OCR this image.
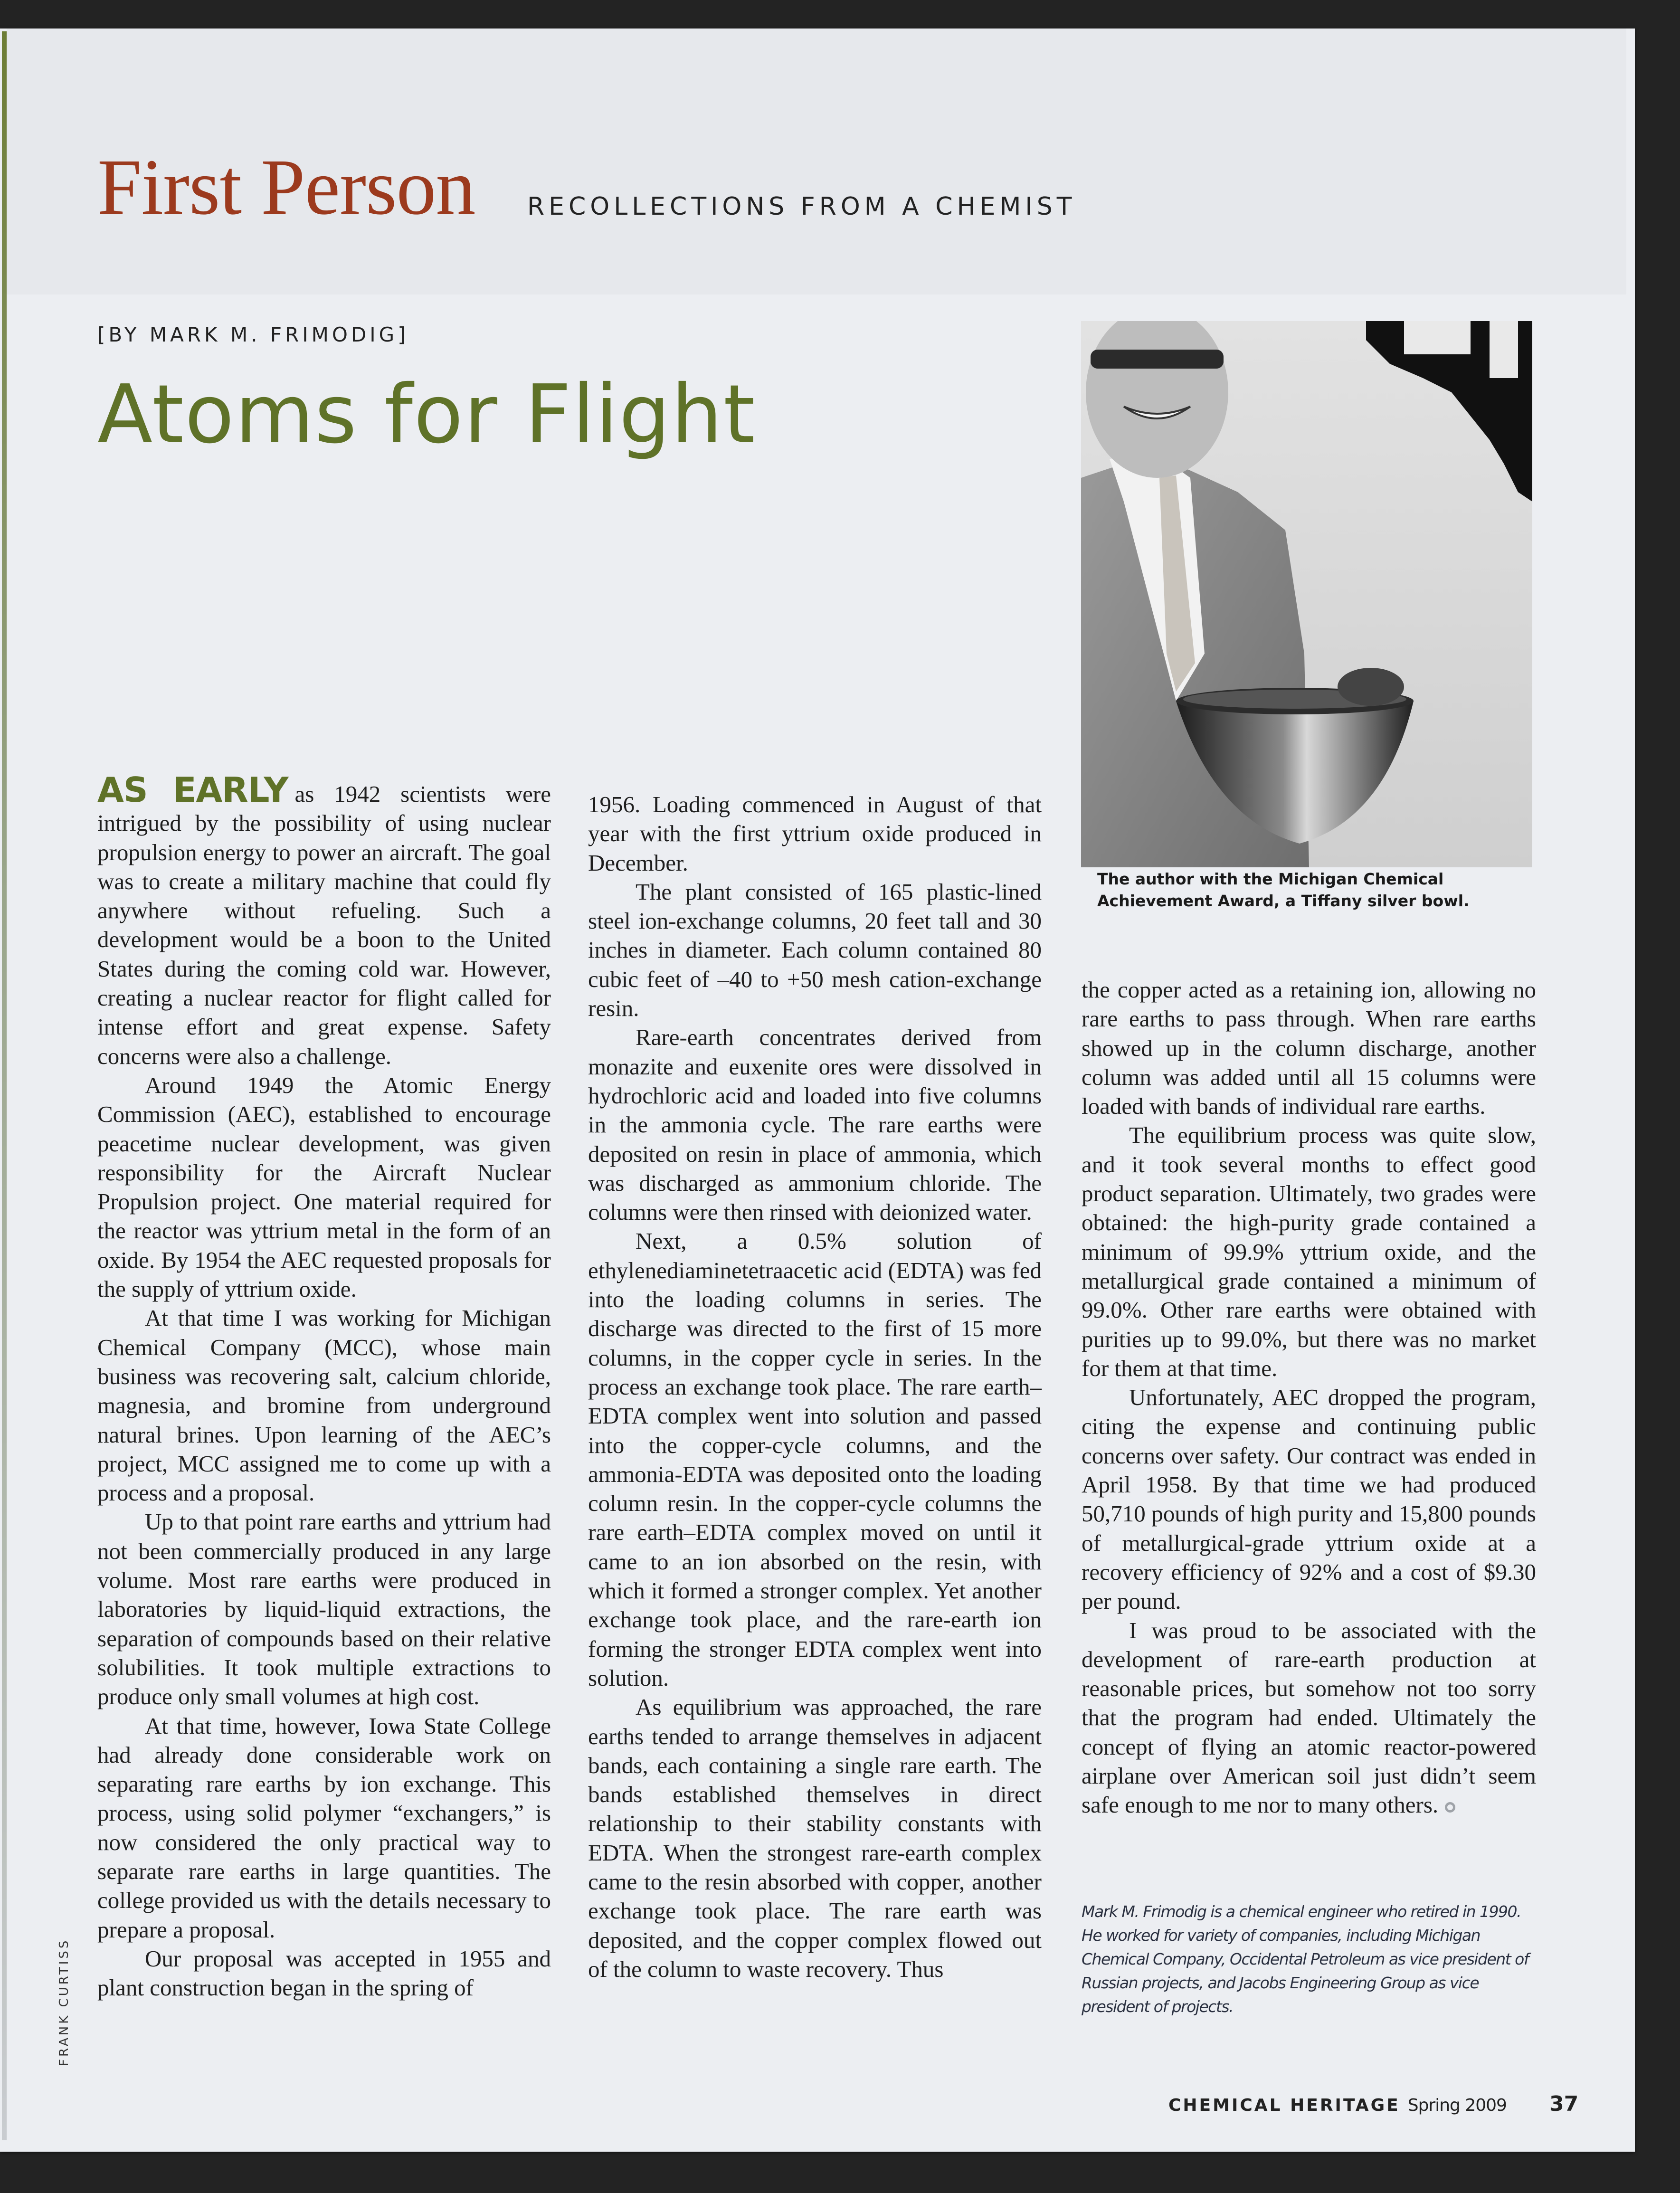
First Person RECOLLECTIONS FROM A CHEMIST
[BY MARK M. FRIMODIG]
Atoms for Flight
The author with the Michigan Chemical Achievement Award, a Tiffany silver bowl.

AS EARLY as 1942 scientists were intrigued by the possibility of using nuclear propulsion energy to power an aircraft. The goal was to create a military machine that could fly anywhere without refueling. Such a development would be a boon to the United States during the coming cold war. However, creating a nuclear reactor for flight called for intense effort and great expense. Safety concerns were also a challenge.

Around 1949 the Atomic Energy Commission (AEC), established to encourage peacetime nuclear development, was given responsibility for the Aircraft Nuclear Propulsion project. One material required for the reactor was yttrium metal in the form of an oxide. By 1954 the AEC requested proposals for the supply of yttrium oxide.

At that time I was working for Michigan Chemical Company (MCC), whose main business was recovering salt, calcium chloride, magnesia, and bromine from underground natural brines. Upon learning of the AEC’s project, MCC assigned me to come up with a process and a proposal.

Up to that point rare earths and yttrium had not been commercially produced in any large volume. Most rare earths were produced in laboratories by liquid-liquid extractions, the separation of compounds based on their relative solubilities. It took multiple extractions to produce only small volumes at high cost.

At that time, however, Iowa State College had already done considerable work on separating rare earths by ion exchange. This process, using solid polymer “exchangers,” is now considered the only practical way to separate rare earths in large quantities. The college provided us with the details necessary to prepare a proposal.

Our proposal was accepted in 1955 and plant construction began in the spring of

1956. Loading commenced in August of that year with the first yttrium oxide produced in December.

The plant consisted of 165 plastic-lined steel ion-exchange columns, 20 feet tall and 30 inches in diameter. Each column contained 80 cubic feet of –40 to +50 mesh cation-exchange resin.

Rare-earth concentrates derived from monazite and euxenite ores were dissolved in hydrochloric acid and loaded into five columns in the ammonia cycle. The rare earths were deposited on resin in place of ammonia, which was discharged as ammonium chloride. The columns were then rinsed with deionized water.

Next, a 0.5% solution of ethylenediaminetetraacetic acid (EDTA) was fed into the loading columns in series. The discharge was directed to the first of 15 more columns, in the copper cycle in series. In the process an exchange took place. The rare earth–EDTA complex went into solution and passed into the copper-cycle columns, and the ammonia-EDTA was deposited onto the loading column resin. In the copper-cycle columns the rare earth–EDTA complex moved on until it came to an ion absorbed on the resin, with which it formed a stronger complex. Yet another exchange took place, and the rare-earth ion forming the stronger EDTA complex went into solution.

As equilibrium was approached, the rare earths tended to arrange themselves in adjacent bands, each containing a single rare earth. The bands established themselves in direct relationship to their stability constants with EDTA. When the strongest rare-earth complex came to the resin absorbed with copper, another exchange took place. The rare earth was deposited, and the copper complex flowed out of the column to waste recovery. Thus

the copper acted as a retaining ion, allowing no rare earths to pass through. When rare earths showed up in the column discharge, another column was added until all 15 columns were loaded with bands of individual rare earths.

The equilibrium process was quite slow, and it took several months to effect good product separation. Ultimately, two grades were obtained: the high-purity grade contained a minimum of 99.9% yttrium oxide, and the metallurgical grade contained a minimum of 99.0%. Other rare earths were obtained with purities up to 99.0%, but there was no market for them at that time.

Unfortunately, AEC dropped the program, citing the expense and continuing public concerns over safety. Our contract was ended in April 1958. By that time we had produced 50,710 pounds of high purity and 15,800 pounds of metallurgical-grade yttrium oxide at a recovery efficiency of 92% and a cost of $9.30 per pound.

I was proud to be associated with the development of rare-earth production at reasonable prices, but somehow not too sorry that the program had ended. Ultimately the concept of flying an atomic reactor-powered airplane over American soil just didn’t seem safe enough to me nor to many others.

Mark M. Frimodig is a chemical engineer who retired in 1990. He worked for variety of companies, including Michigan Chemical Company, Occidental Petroleum as vice president of Russian projects, and Jacobs Engineering Group as vice president of projects.
FRANK CURTISS
CHEMICAL HERITAGE Spring 2009 37
